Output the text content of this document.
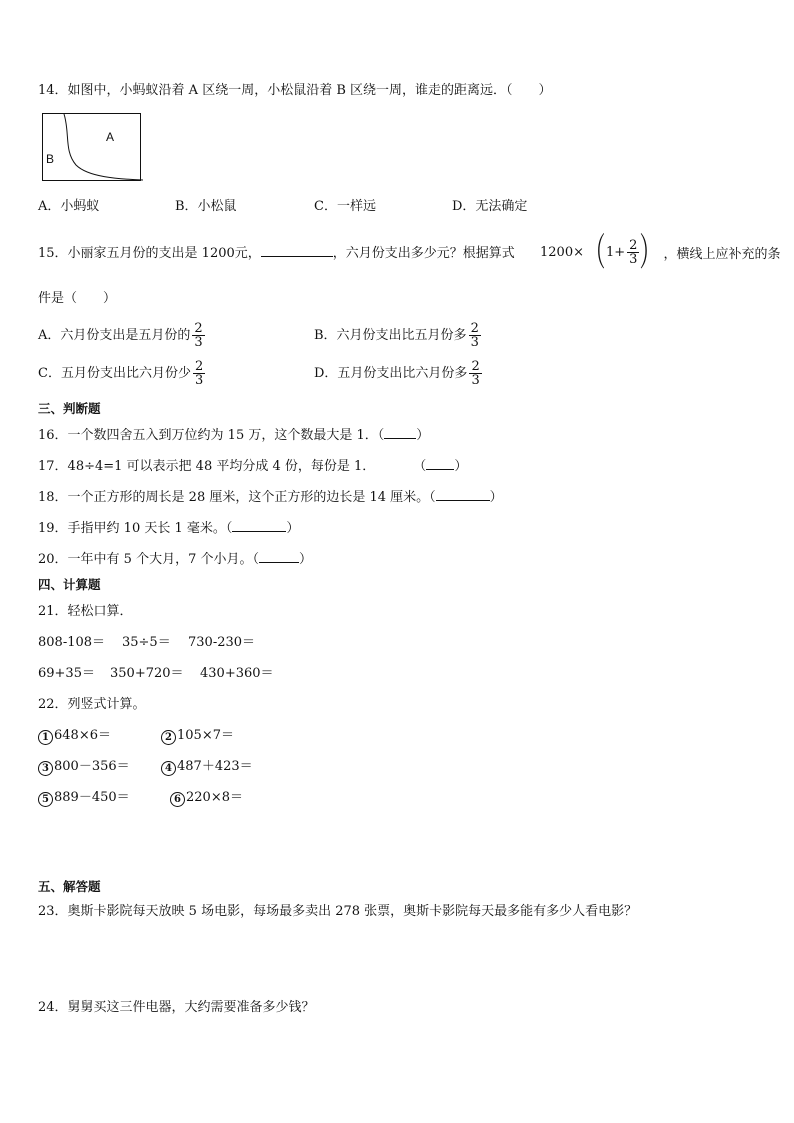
14．如图中，小蚂蚁沿着 A 区绕一周，小松鼠沿着 B 区绕一周，谁走的距离远．（　　）
A
B
A．小蚂蚁	B．小松鼠	C．一样远	D．无法确定
15．小丽家五月份的支出是 1200元，	，六月份支出多少元？根据算式 1200× （ $1+ \frac{2}{3}$ ） ，横线上应补充的条
件是（　　）
A．六月份支出是五月份的 $\frac{2}{3}$	B．六月份支出比五月份多 $\frac{2}{3}$
C．五月份支出比六月份少 $\frac{2}{3}$	D．五月份支出比六月份多 $\frac{2}{3}$
三、判断题
16．一个数四舍五入到万位约为 15 万，这个数最大是 1．（ ）
17．48÷4=1 可以表示把 48 平均分成 4 份，每份是 1．	（ ）
18．一个正方形的周长是 28 厘米，这个正方形的边长是 14 厘米。（	）
19．手指甲约 10 天长 1 毫米。（	）
20．一年中有 5 个大月，7 个小月。（	）
四、计算题
21．轻松口算．
808-108＝ 35÷5＝ 730-230＝
69+35＝ 350+720＝ 430+360＝
22．列竖式计算。
1 648×6＝	2 105×7＝
3 800－356＝	4 487＋423＝
5 889－450＝	6 220×8＝
五、解答题
23．奥斯卡影院每天放映 5 场电影，每场最多卖出 278 张票，奥斯卡影院每天最多能有多少人看电影？
24．舅舅买这三件电器，大约需要准备多少钱？
